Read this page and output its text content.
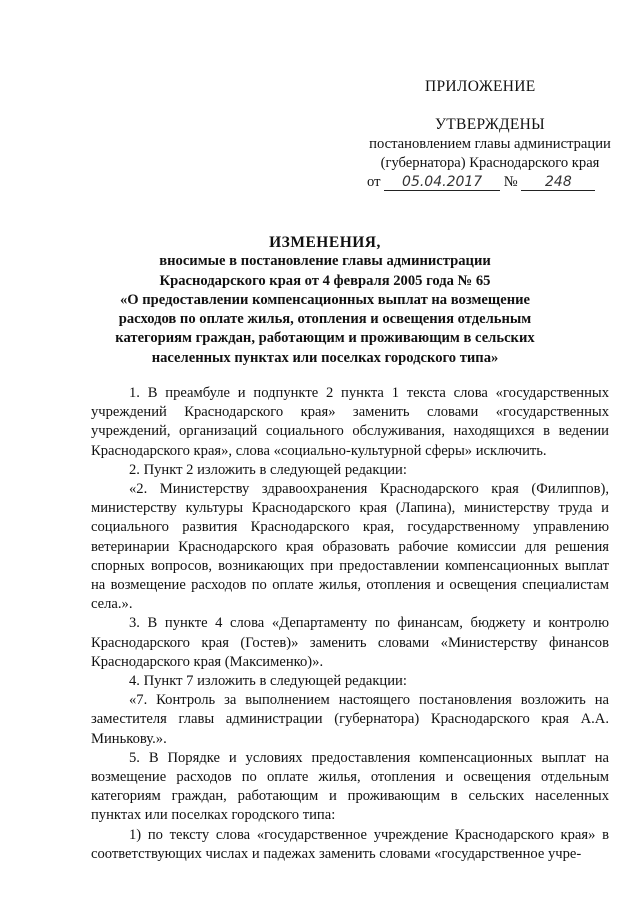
ПРИЛОЖЕНИЕ
УТВЕРЖДЕНЫ
постановлением главы администрации
(губернатора) Краснодарского края
от 05.04.2017 № 248
ИЗМЕНЕНИЯ,
вносимые в постановление главы администрации
Краснодарского края от 4 февраля 2005 года № 65
«О предоставлении компенсационных выплат на возмещение
расходов по оплате жилья, отопления и освещения отдельным
категориям граждан, работающим и проживающим в сельских
населенных пунктах или поселках городского типа»

1. В преамбуле и подпункте 2 пункта 1 текста слова «государственных учреждений Краснодарского края» заменить словами «государственных учреждений, организаций социального обслуживания, находящихся в ведении Краснодарского края», слова «социально-культурной сферы» исключить.

2. Пункт 2 изложить в следующей редакции:

«2. Министерству здравоохранения Краснодарского края (Филиппов), министерству культуры Краснодарского края (Лапина), министерству труда и социального развития Краснодарского края, государственному управлению ветеринарии Краснодарского края образовать рабочие комиссии для решения спорных вопросов, возникающих при предоставлении компенсационных выплат на возмещение расходов по оплате жилья, отопления и освещения специалистам села.».

3. В пункте 4 слова «Департаменту по финансам, бюджету и контролю Краснодарского края (Гостев)» заменить словами «Министерству финансов Краснодарского края (Максименко)».

4. Пункт 7 изложить в следующей редакции:

«7. Контроль за выполнением настоящего постановления возложить на заместителя главы администрации (губернатора) Краснодарского края А.А. Минькову.».

5. В Порядке и условиях предоставления компенсационных выплат на возмещение расходов по оплате жилья, отопления и освещения отдельным категориям граждан, работающим и проживающим в сельских населенных пунктах или поселках городского типа:

1) по тексту слова «государственное учреждение Краснодарского края» в соответствующих числах и падежах заменить словами «государственное учре-
